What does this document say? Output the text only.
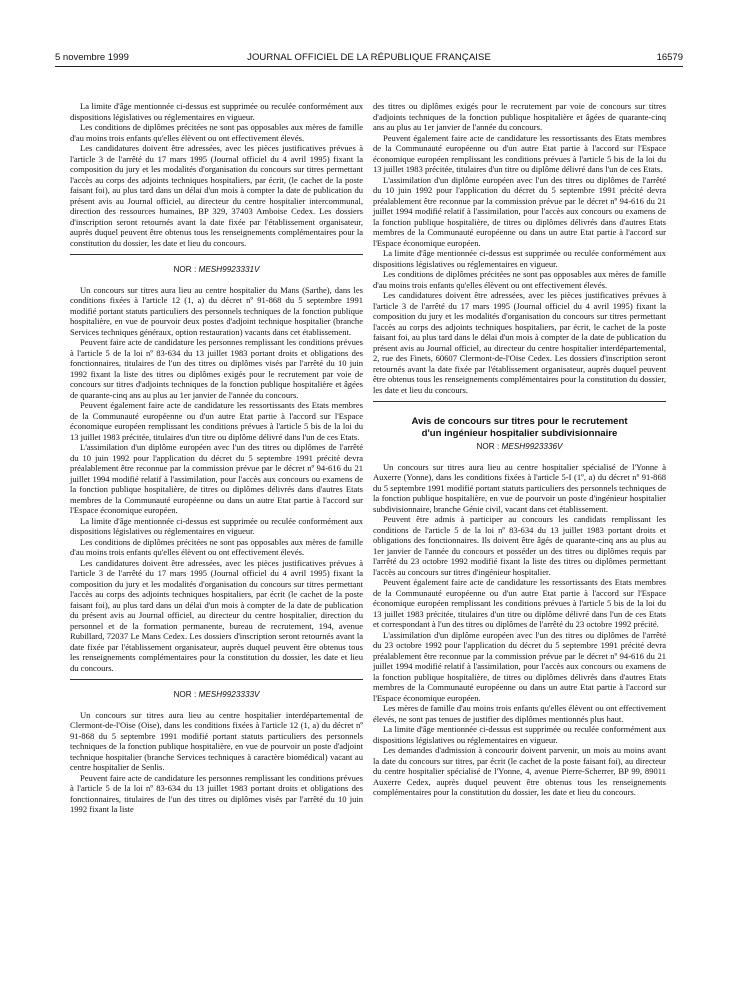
5 novembre 1999	JOURNAL OFFICIEL DE LA RÉPUBLIQUE FRANÇAISE	16579

La limite d'âge mentionnée ci-dessus est supprimée ou reculée conformément aux dispositions législatives ou réglementaires en vigueur.

Les conditions de diplômes précitées ne sont pas opposables aux mères de famille d'au moins trois enfants qu'elles élèvent ou ont effectivement élevés.

Les candidatures doivent être adressées, avec les pièces justificatives prévues à l'article 3 de l'arrêté du 17 mars 1995 (Journal officiel du 4 avril 1995) fixant la composition du jury et les modalités d'organisation du concours sur titres permettant l'accès au corps des adjoints techniques hospitaliers, par écrit, (le cachet de la poste faisant foi), au plus tard dans un délai d'un mois à compter la date de publication du présent avis au Journal officiel, au directeur du centre hospitalier intercommunal, direction des ressources humaines, BP 329, 37403 Amboise Cedex. Les dossiers d'inscription seront retournés avant la date fixée par l'établissement organisateur, auprès duquel peuvent être obtenus tous les renseignements complémentaires pour la constitution du dossier, les date et lieu du concours.

NOR : MESH9923331V

Un concours sur titres aura lieu au centre hospitalier du Mans (Sarthe), dans les conditions fixées à l'article 12 (1, a) du décret nº 91-868 du 5 septembre 1991 modifié portant statuts particuliers des personnels techniques de la fonction publique hospitalière, en vue de pourvoir deux postes d'adjoint technique hospitalier (branche Services techniques généraux, option restauration) vacants dans cet établissement.

Peuvent faire acte de candidature les personnes remplissant les conditions prévues à l'article 5 de la loi nº 83-634 du 13 juillet 1983 portant droits et obligations des fonctionnaires, titulaires de l'un des titres ou diplômes visés par l'arrêté du 10 juin 1992 fixant la liste des titres ou diplômes exigés pour le recrutement par voie de concours sur titres d'adjoints techniques de la fonction publique hospitalière et âgées de quarante-cinq ans au plus au 1er janvier de l'année du concours.

Peuvent également faire acte de candidature les ressortissants des Etats membres de la Communauté européenne ou d'un autre Etat partie à l'accord sur l'Espace économique européen remplissant les conditions prévues à l'article 5 bis de la loi du 13 juillet 1983 précitée, titulaires d'un titre ou diplôme délivré dans l'un de ces Etats.

L'assimilation d'un diplôme européen avec l'un des titres ou diplômes de l'arrêté du 10 juin 1992 pour l'application du décret du 5 septembre 1991 précité devra préalablement être reconnue par la commission prévue par le décret nº 94-616 du 21 juillet 1994 modifié relatif à l'assimilation, pour l'accès aux concours ou examens de la fonction publique hospitalière, de titres ou diplômes délivrés dans d'autres Etats membres de la Communauté européenne ou dans un autre Etat partie à l'accord sur l'Espace économique européen.

La limite d'âge mentionnée ci-dessus est supprimée ou reculée conformément aux dispositions législatives ou réglementaires en vigueur.

Les conditions de diplômes précitées ne sont pas opposables aux mères de famille d'au moins trois enfants qu'elles élèvent ou ont effectivement élevés.

Les candidatures doivent être adressées, avec les pièces justificatives prévues à l'article 3 de l'arrêté du 17 mars 1995 (Journal officiel du 4 avril 1995) fixant la composition du jury et les modalités d'organisation du concours sur titres permettant l'accès au corps des adjoints techniques hospitaliers, par écrit (le cachet de la poste faisant foi), au plus tard dans un délai d'un mois à compter de la date de publication du présent avis au Journal officiel, au directeur du centre hospitalier, direction du personnel et de la formation permanente, bureau de recrutement, 194, avenue Rubillard, 72037 Le Mans Cedex. Les dossiers d'inscription seront retournés avant la date fixée par l'établissement organisateur, auprès duquel peuvent être obtenus tous les renseignements complémentaires pour la constitution du dossier, les date et lieu du concours.

NOR : MESH9923333V

Un concours sur titres aura lieu au centre hospitalier interdépartemental de Clermont-de-l'Oise (Oise), dans les conditions fixées à l'article 12 (1, a) du décret nº 91-868 du 5 septembre 1991 modifié portant statuts particuliers des personnels techniques de la fonction publique hospitalière, en vue de pourvoir un poste d'adjoint technique hospitalier (branche Services techniques à caractère biomédical) vacant au centre hospitalier de Senlis.

Peuvent faire acte de candidature les personnes remplissant les conditions prévues à l'article 5 de la loi nº 83-634 du 13 juillet 1983 portant droits et obligations des fonctionnaires, titulaires de l'un des titres ou diplômes visés par l'arrêté du 10 juin 1992 fixant la liste

des titres ou diplômes exigés pour le recrutement par voie de concours sur titres d'adjoints techniques de la fonction publique hospitalière et âgées de quarante-cinq ans au plus au 1er janvier de l'année du concours.

Peuvent également faire acte de candidature les ressortissants des Etats membres de la Communauté européenne ou d'un autre Etat partie à l'accord sur l'Espace économique européen remplissant les conditions prévues à l'article 5 bis de la loi du 13 juillet 1983 précitée, titulaires d'un titre ou diplôme délivré dans l'un de ces Etats.

L'assimilation d'un diplôme européen avec l'un des titres ou diplômes de l'arrêté du 10 juin 1992 pour l'application du décret du 5 septembre 1991 précité devra préalablement être reconnue par la commission prévue par le décret nº 94-616 du 21 juillet 1994 modifié relatif à l'assimilation, pour l'accès aux concours ou examens de la fonction publique hospitalière, de titres ou diplômes délivrés dans d'autres Etats membres de la Communauté européenne ou dans un autre Etat partie à l'accord sur l'Espace économique européen.

La limite d'âge mentionnée ci-dessus est supprimée ou reculée conformément aux dispositions législatives ou réglementaires en vigueur.

Les conditions de diplômes précitées ne sont pas opposables aux mères de famille d'au moins trois enfants qu'elles élèvent ou ont effectivement élevés.

Les candidatures doivent être adressées, avec les pièces justificatives prévues à l'article 3 de l'arrêté du 17 mars 1995 (Journal officiel du 4 avril 1995) fixant la composition du jury et les modalités d'organisation du concours sur titres permettant l'accès au corps des adjoints techniques hospitaliers, par écrit, le cachet de la poste faisant foi, au plus tard dans le délai d'un mois à compter de la date de publication du présent avis au Journal officiel, au directeur du centre hospitalier interdépartemental, 2, rue des Finets, 60607 Clermont-de-l'Oise Cedex. Les dossiers d'inscription seront retournés avant la date fixée par l'établissement organisateur, auprès duquel peuvent être obtenus tous les renseignements complémentaires pour la constitution du dossier, les date et lieu du concours.

Avis de concours sur titres pour le recrutement
d'un ingénieur hospitalier subdivisionnaire
NOR : MESH9923336V

Un concours sur titres aura lieu au centre hospitalier spécialisé de l'Yonne à Auxerre (Yonne), dans les conditions fixées à l'article 5-I (1º, a) du décret nº 91-868 du 5 septembre 1991 modifié portant statuts particuliers des personnels techniques de la fonction publique hospitalière, en vue de pourvoir un poste d'ingénieur hospitalier subdivisionnaire, branche Génie civil, vacant dans cet établissement.

Peuvent être admis à participer au concours les candidats remplissant les conditions de l'article 5 de la loi nº 83-634 du 13 juillet 1983 portant droits et obligations des fonctionnaires. Ils doivent être âgés de quarante-cinq ans au plus au 1er janvier de l'année du concours et posséder un des titres ou diplômes requis par l'arrêté du 23 octobre 1992 modifié fixant la liste des titres ou diplômes permettant l'accès au concours sur titres d'ingénieur hospitalier.

Peuvent également faire acte de candidature les ressortissants des Etats membres de la Communauté européenne ou d'un autre Etat partie à l'accord sur l'Espace économique européen remplissant les conditions prévues à l'article 5 bis de la loi du 13 juillet 1983 précitée, titulaires d'un titre ou diplôme délivré dans l'un de ces Etats et correspondant à l'un des titres ou diplômes de l'arrêté du 23 octobre 1992 précité.

L'assimilation d'un diplôme européen avec l'un des titres ou diplômes de l'arrêté du 23 octobre 1992 pour l'application du décret du 5 septembre 1991 précité devra préalablement être reconnue par la commission prévue par le décret nº 94-616 du 21 juillet 1994 modifié relatif à l'assimilation, pour l'accès aux concours ou examens de la fonction publique hospitalière, de titres ou diplômes délivrés dans d'autres Etats membres de la Communauté européenne ou dans un autre Etat partie à l'accord sur l'Espace économique européen.

Les mères de famille d'au moins trois enfants qu'elles élèvent ou ont effectivement élevés, ne sont pas tenues de justifier des diplômes mentionnés plus haut.

La limite d'âge mentionnée ci-dessus est supprimée ou reculée conformément aux dispositions législatives ou réglementaires en vigueur.

Les demandes d'admission à concourir doivent parvenir, un mois au moins avant la date du concours sur titres, par écrit (le cachet de la poste faisant foi), au directeur du centre hospitalier spécialisé de l'Yonne, 4, avenue Pierre-Scherrer, BP 99, 89011 Auxerre Cedex, auprès duquel peuvent être obtenus tous les renseignements complémentaires pour la constitution du dossier, les date et lieu du concours.
